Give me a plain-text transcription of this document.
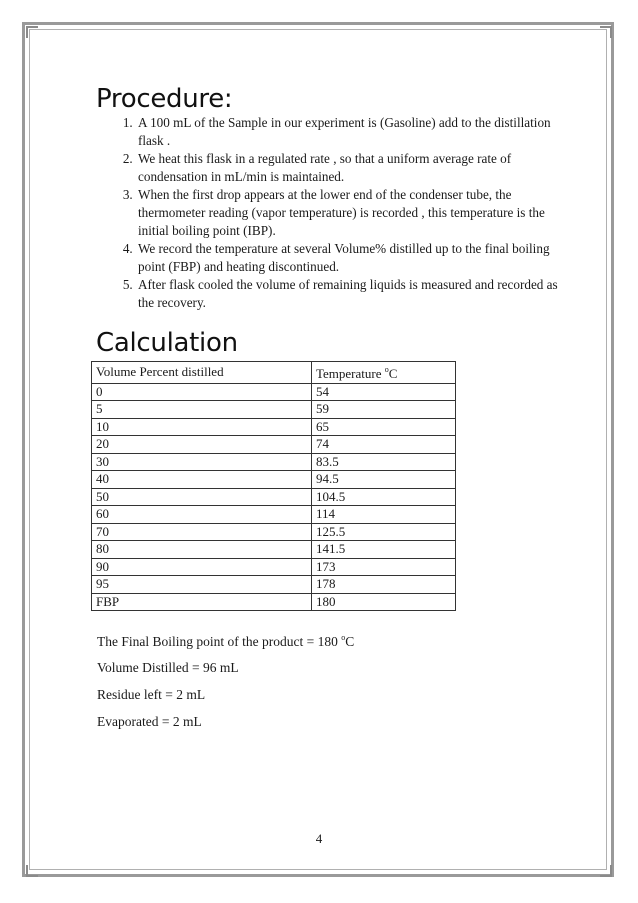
Procedure:
1. A 100 mL of the Sample in our experiment is (Gasoline) add to the distillation flask .
2. We heat this flask in a regulated rate , so that a uniform average rate of condensation in mL/min is maintained.
3. When the first drop appears at the lower end of the condenser tube, the thermometer reading (vapor temperature) is recorded , this temperature is the initial boiling point (IBP).
4. We record the temperature at several Volume% distilled up to the final boiling point (FBP) and heating discontinued.
5. After flask cooled the volume of remaining liquids is measured and recorded as the recovery.
Calculation
Volume Percent distilled	Temperature $^o$C
0	54
5	59
10	65
20	74
30	83.5
40	94.5
50	104.5
60	114
70	125.5
80	141.5
90	173
95	178
FBP	180
The Final Boiling point of the product = 180 $^o$C
Volume Distilled = 96 mL
Residue left = 2 mL
Evaporated = 2 mL
4
